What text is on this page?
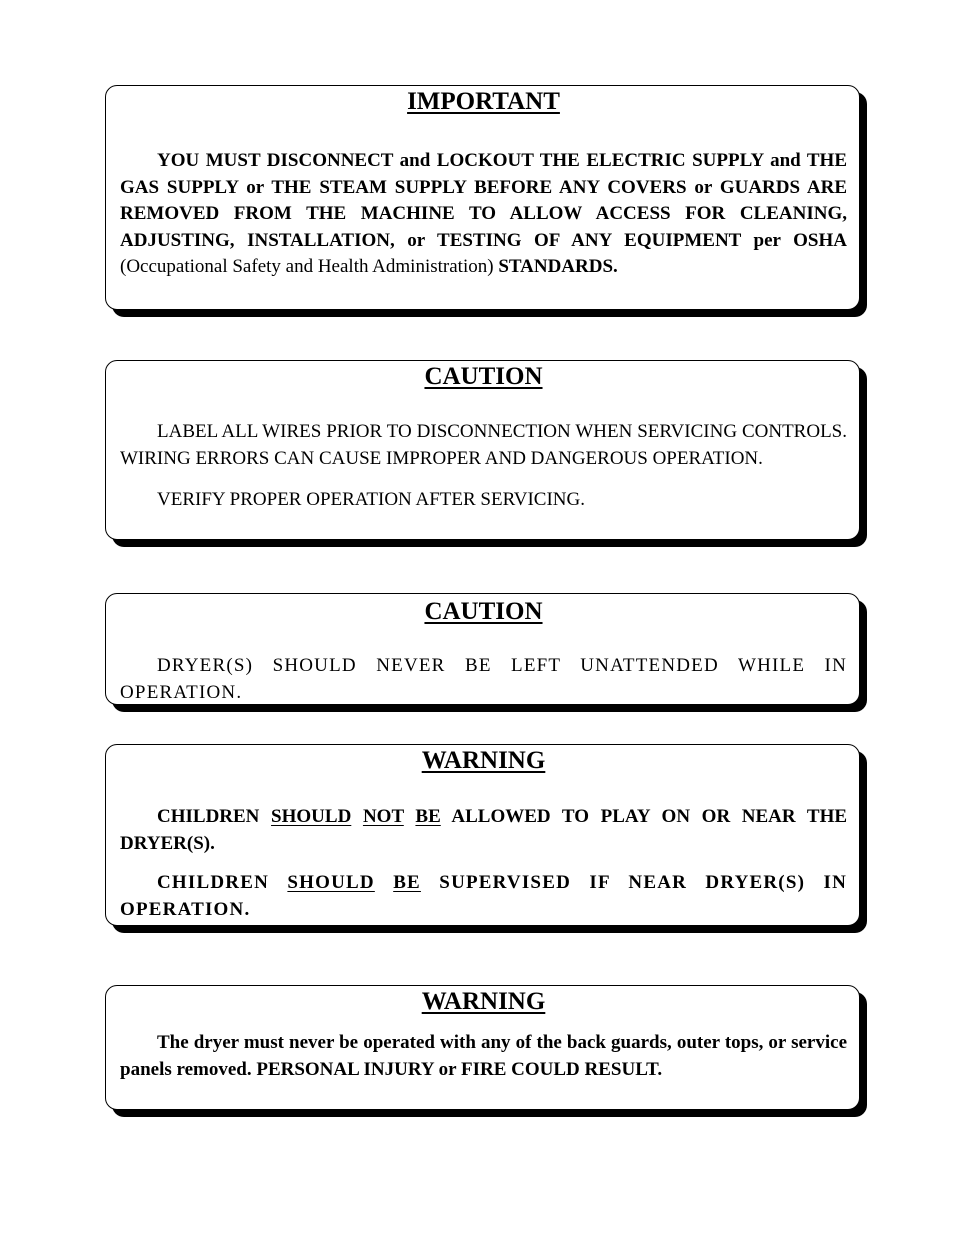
IMPORTANT

YOU MUST DISCONNECT and LOCKOUT THE ELECTRIC SUPPLY and THE GAS SUPPLY or THE STEAM SUPPLY BEFORE ANY COVERS or GUARDS ARE REMOVED FROM THE MACHINE TO ALLOW ACCESS FOR CLEANING, ADJUSTING, INSTALLATION, or TESTING OF ANY EQUIPMENT per OSHA (Occupational Safety and Health Administration) STANDARDS.

CAUTION

LABEL ALL WIRES PRIOR TO DISCONNECTION WHEN SERVICING CONTROLS. WIRING ERRORS CAN CAUSE IMPROPER AND DANGEROUS OPERATION.

VERIFY PROPER OPERATION AFTER SERVICING.

CAUTION

DRYER(S) SHOULD NEVER BE LEFT UNATTENDED WHILE IN OPERATION.

WARNING

CHILDREN SHOULD NOT BE ALLOWED TO PLAY ON OR NEAR THE DRYER(S).

CHILDREN SHOULD BE SUPERVISED IF NEAR DRYER(S) IN OPERATION.

WARNING

The dryer must never be operated with any of the back guards, outer tops, or service panels removed. PERSONAL INJURY or FIRE COULD RESULT.
